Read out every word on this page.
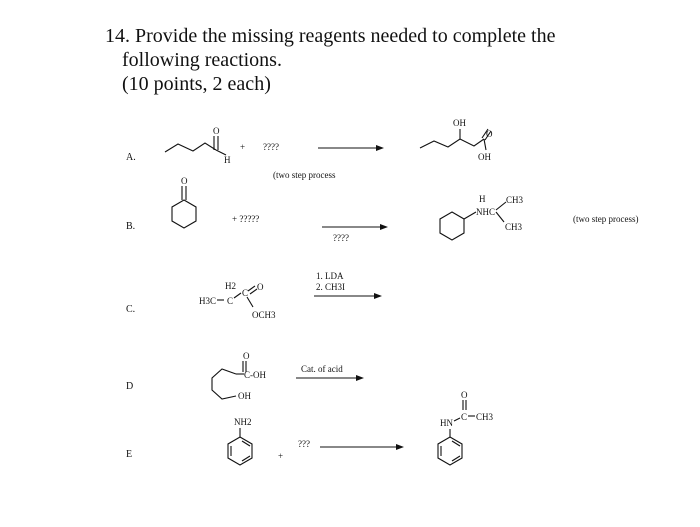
14. Provide the missing reagents needed to complete the
following reactions.
(10 points, 2 each)
A.
B.
C.
D
E
+ ????
(two step process
+ ?????
????
(two step process)
1. LDA
2. CH3I
Cat. of acid
+
???
O
H
OH
O
OH
O
H
NHC
CH3
CH3
H2
H3C C
C
O
OCH3
O
C-OH
OH
NH2
O
C CH3
HN
